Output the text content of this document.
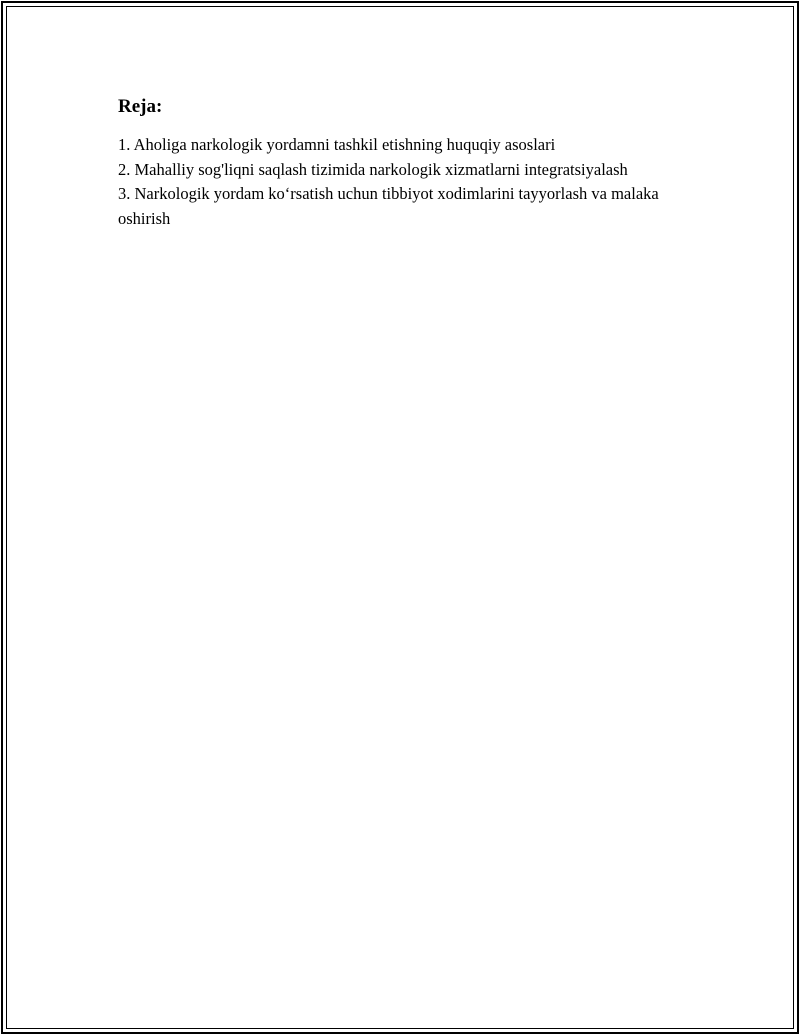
Reja:
1. Aholiga narkologik yordamni tashkil etishning huquqiy asoslari
2. Mahalliy sog'liqni saqlash tizimida narkologik xizmatlarni integratsiyalash
3. Narkologik yordam ko‘rsatish uchun tibbiyot xodimlarini tayyorlash va malaka oshirish
